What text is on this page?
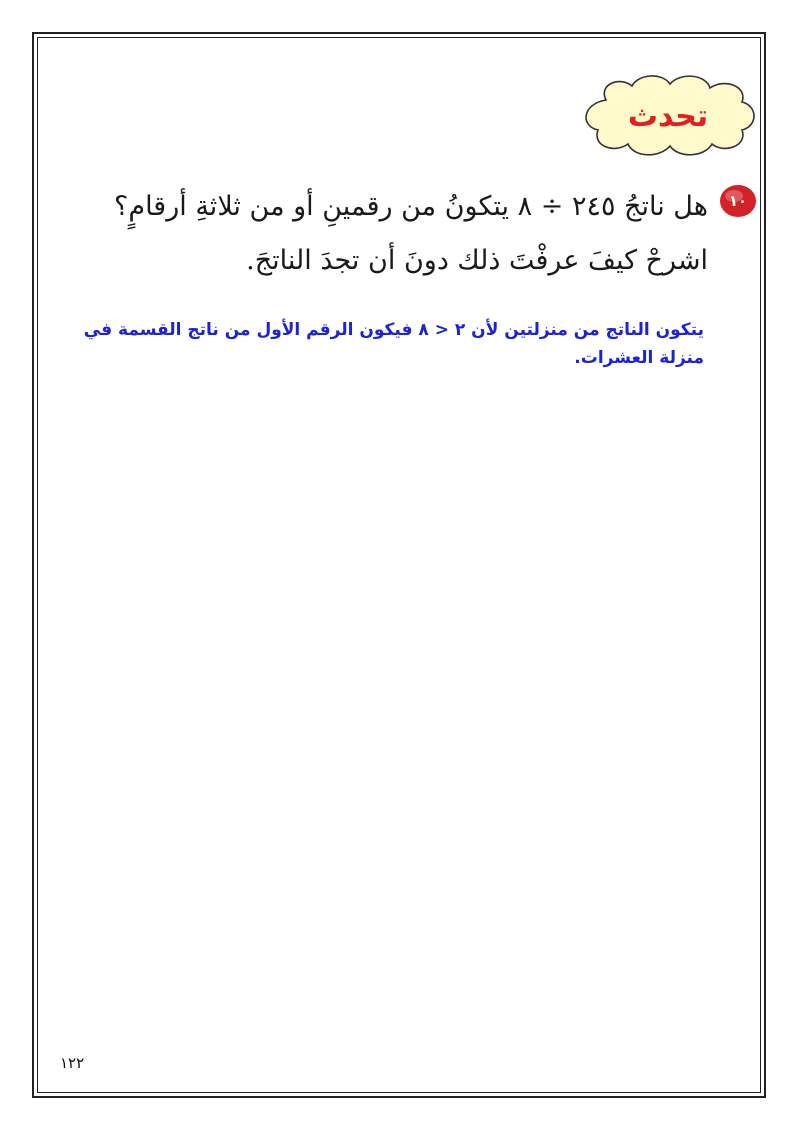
تحدث
١٠

هل ناتجُ ٢٤٥ ÷ ٨ يتكونُ من رقمينِ أو من ثلاثةِ أرقامٍ؟

اشرحْ كيفَ عرفْتَ ذلك دونَ أن تجدَ الناتجَ.

يتكون الناتج من منزلتين لأن ٢ < ٨ فيكون الرقم الأول من ناتج القسمة في منزلة العشرات.
١٢٢
